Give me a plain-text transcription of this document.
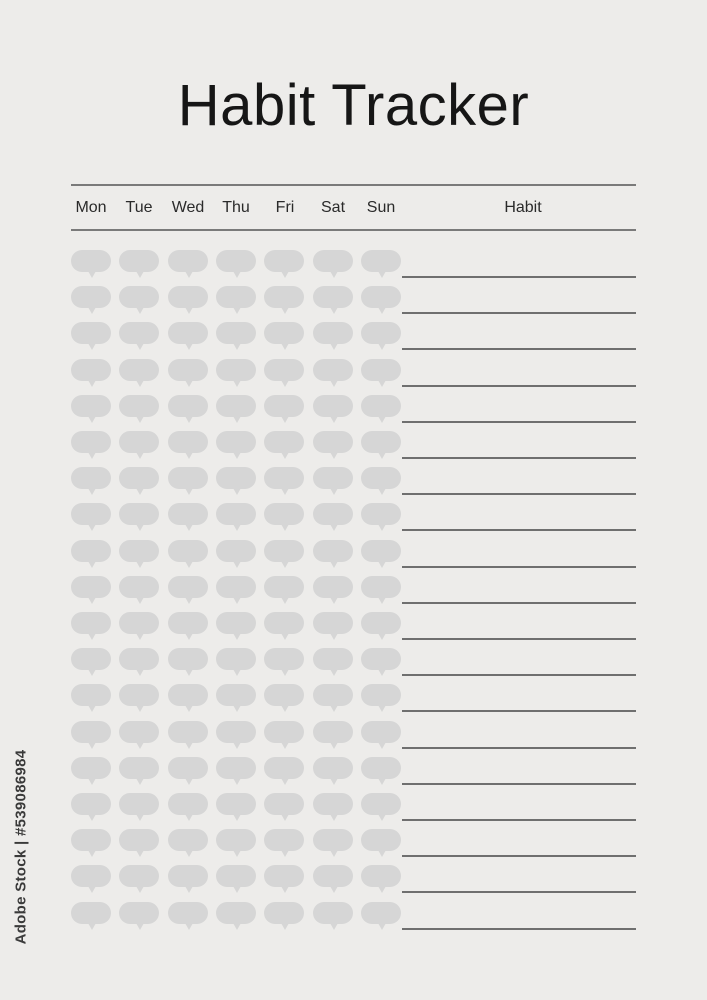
Habit Tracker
Mon Tue Wed Thu Fri Sat Sun	Habit
Adobe Stock | #539086984
